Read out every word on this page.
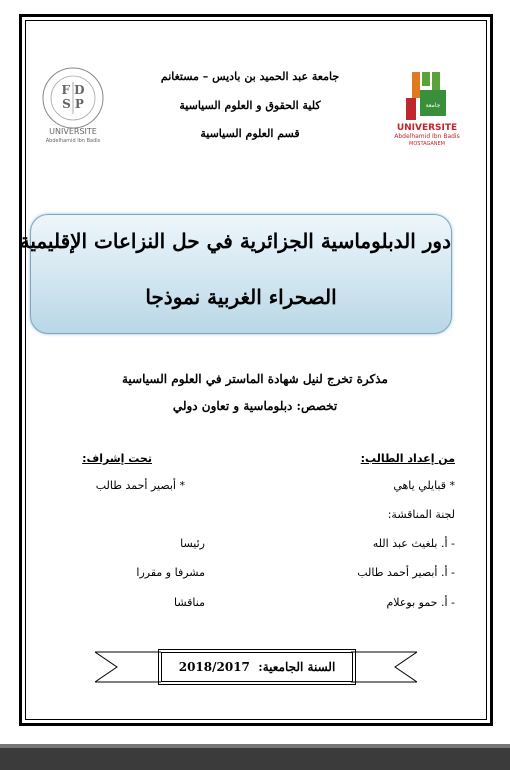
F D
S P
UNIVERSITE
Abdelhamid Ibn Badis
جامعة
UNIVERSITE
Abdelhamid Ibn Badis
MOSTAGANEM
جامعة عبد الحميد بن باديس – مستغانم
كلية الحقوق و العلوم السياسية
قسم العلوم السياسية
دور الدبلوماسية الجزائرية في حل النزاعات الإقليمية
الصحراء الغربية نموذجا
مذكرة تخرج لنيل شهادة الماستر في العلوم السياسية
تخصص: دبلوماسية و تعاون دولي
من إعداد الطالب:
تحت إشراف:
* قبايلي ياهي
* أبصير أحمد طالب
لجنة المناقشة:
- أ. بلغيث عبد الله
رئيسا
- أ. أبصير أحمد طالب
مشرفا و مقررا
- أ. حمو بوعلام
مناقشا
السنة الجامعية:

2018/2017
